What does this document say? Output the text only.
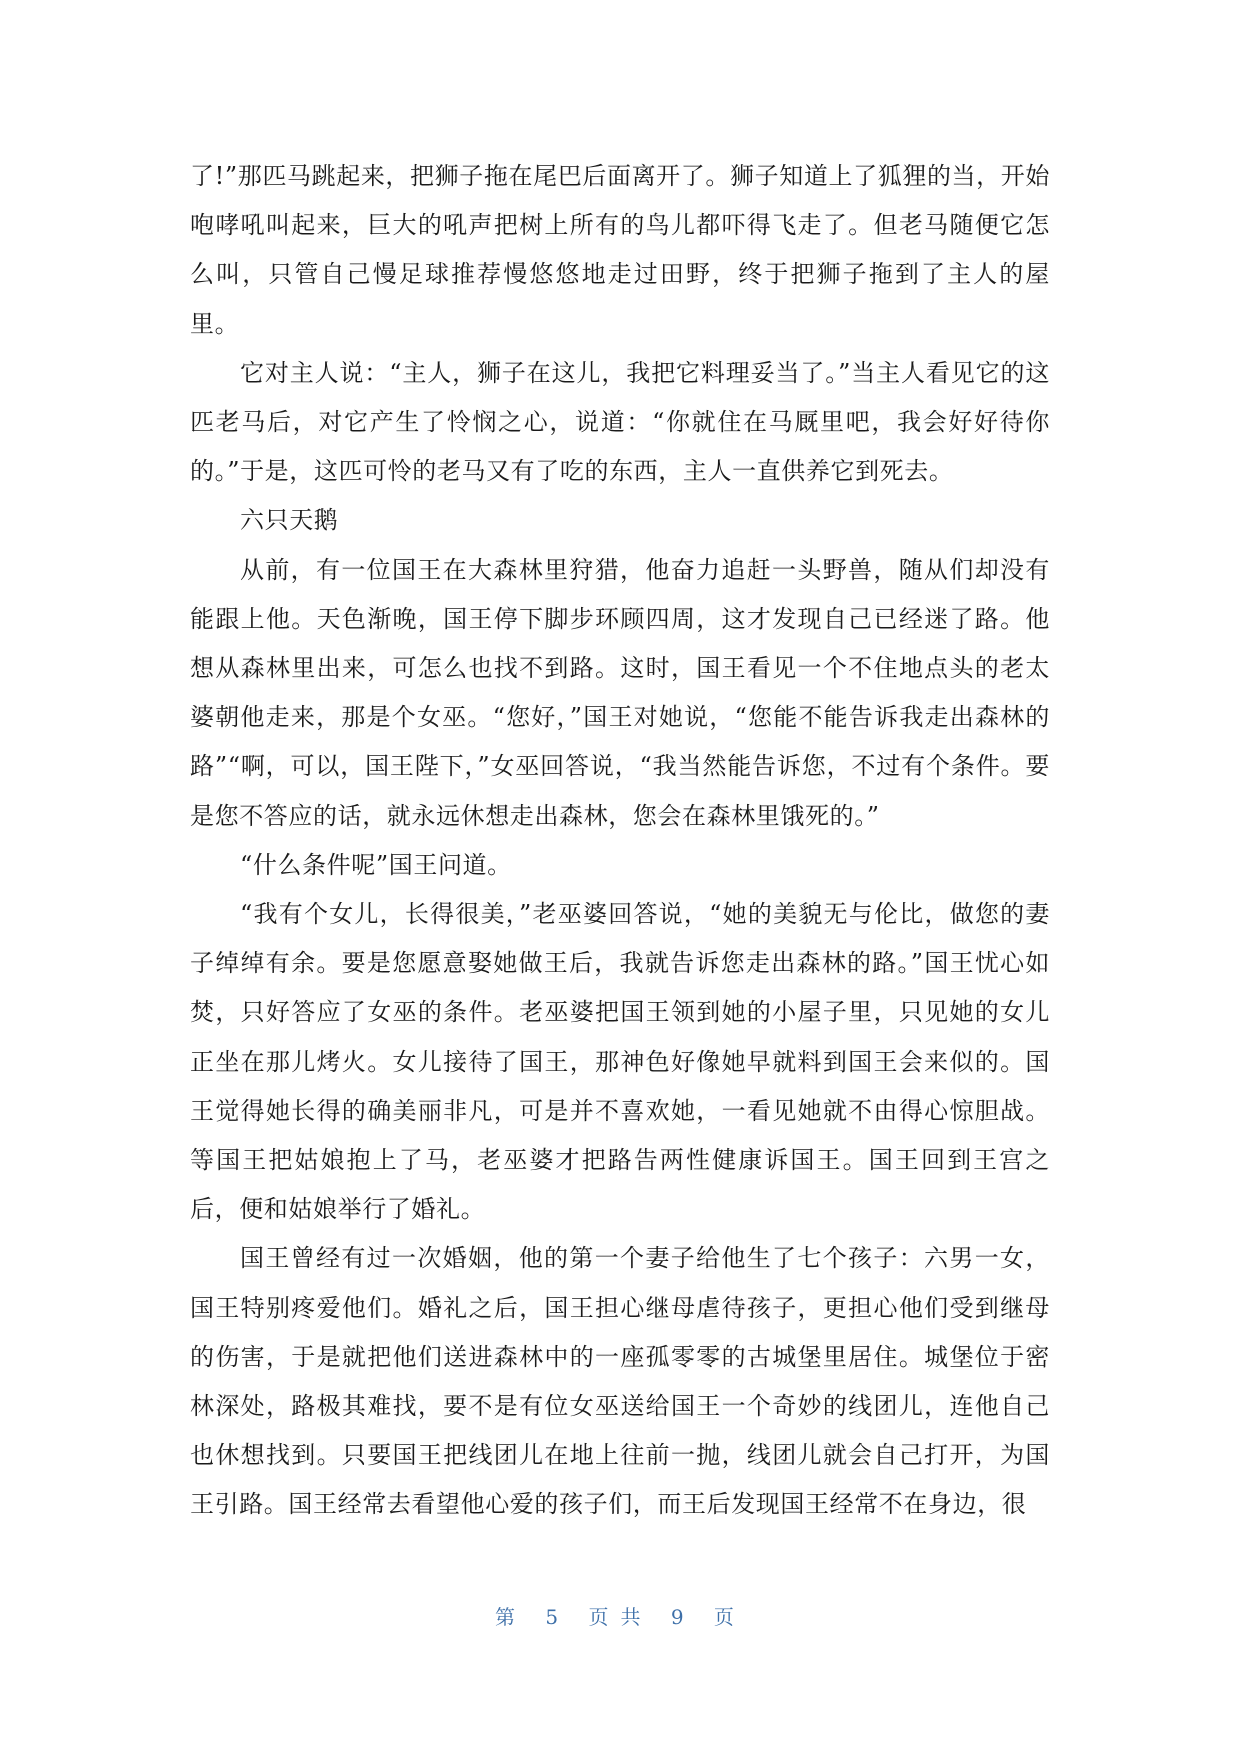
了!”那匹马跳起来，把狮子拖在尾巴后面离开了。狮子知道上了狐狸的当，开始咆哮吼叫起来，巨大的吼声把树上所有的鸟儿都吓得飞走了。但老马随便它怎么叫，只管自己慢足球推荐慢悠悠地走过田野，终于把狮子拖到了主人的屋里。

它对主人说：“主人，狮子在这儿，我把它料理妥当了。”当主人看见它的这匹老马后，对它产生了怜悯之心，说道：“你就住在马厩里吧，我会好好待你的。”于是，这匹可怜的老马又有了吃的东西，主人一直供养它到死去。

六只天鹅

从前，有一位国王在大森林里狩猎，他奋力追赶一头野兽，随从们却没有能跟上他。天色渐晚，国王停下脚步环顾四周，这才发现自己已经迷了路。他想从森林里出来，可怎么也找不到路。这时，国王看见一个不住地点头的老太婆朝他走来，那是个女巫。“您好，”国王对她说，“您能不能告诉我走出森林的路”“啊，可以，国王陛下，”女巫回答说，“我当然能告诉您，不过有个条件。要是您不答应的话，就永远休想走出森林，您会在森林里饿死的。”

“什么条件呢”国王问道。

“我有个女儿，长得很美，”老巫婆回答说，“她的美貌无与伦比，做您的妻子绰绰有余。要是您愿意娶她做王后，我就告诉您走出森林的路。”国王忧心如焚，只好答应了女巫的条件。老巫婆把国王领到她的小屋子里，只见她的女儿正坐在那儿烤火。女儿接待了国王，那神色好像她早就料到国王会来似的。国王觉得她长得的确美丽非凡，可是并不喜欢她，一看见她就不由得心惊胆战。等国王把姑娘抱上了马，老巫婆才把路告两性健康诉国王。国王回到王宫之后，便和姑娘举行了婚礼。

国王曾经有过一次婚姻，他的第一个妻子给他生了七个孩子：六男一女，国王特别疼爱他们。婚礼之后，国王担心继母虐待孩子，更担心他们受到继母的伤害，于是就把他们送进森林中的一座孤零零的古城堡里居住。城堡位于密林深处，路极其难找，要不是有位女巫送给国王一个奇妙的线团儿，连他自己也休想找到。只要国王把线团儿在地上往前一抛，线团儿就会自己打开，为国王引路。国王经常去看望他心爱的孩子们，而王后发现国王经常不在身边，很

第 5 页共 9 页
